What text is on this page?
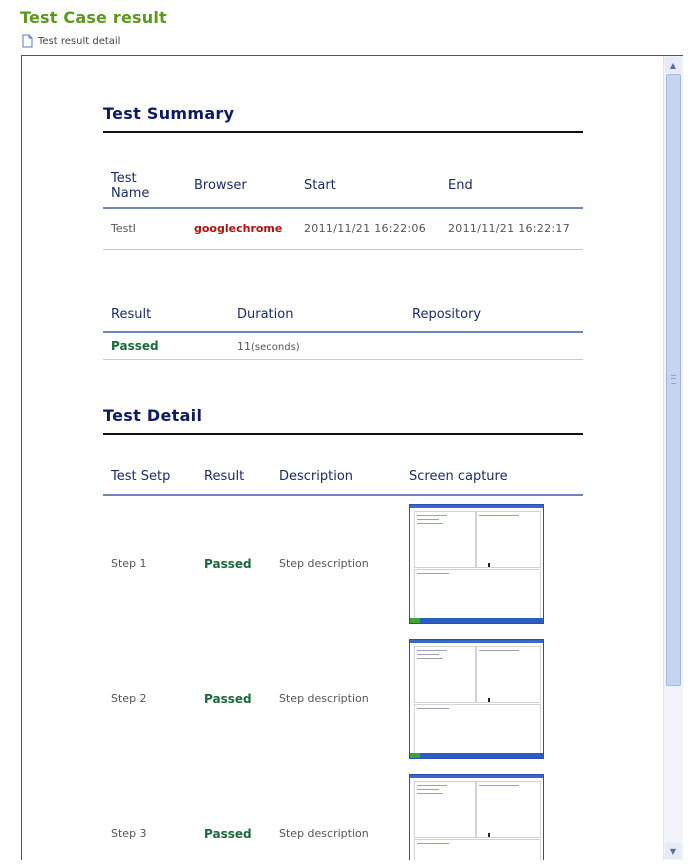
Test Case result
Test result detail
Test Summary
Test Name	Browser	Start	End
TestI	googlechrome	2011/11/21 16:22:06	2011/11/21 16:22:17
Result	Duration	Repository
Passed	11(seconds)	
Test Detail
Test Setp	Result	Description	Screen capture
Step 1	Passed	Step description	

Step 2	Passed	Step description	

Step 3	Passed	Step description	
▲
▼
